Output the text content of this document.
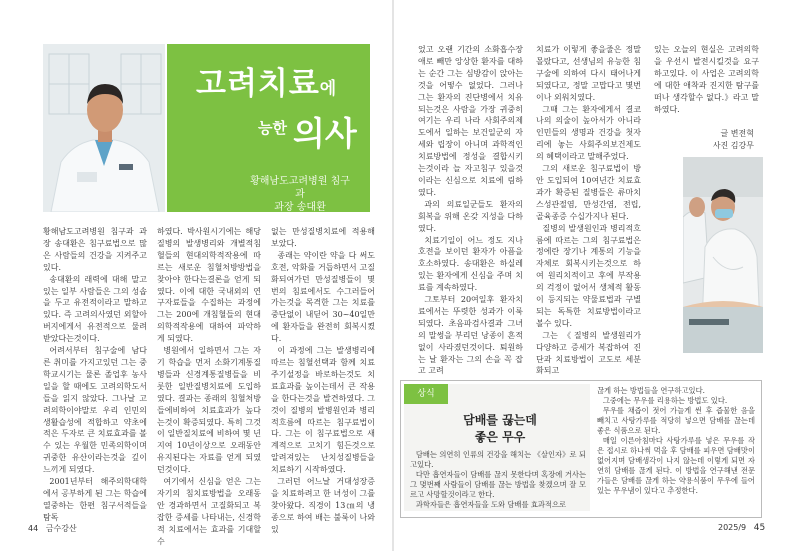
고려치료에
$^{능한}$ 의사
황해남도고려병원 침구과
과장 송대환

황해남도고려병원 침구과 과장 송대환은 침구료법으로 많은 사람들의 건강을 지켜주고있다.

송대환의 래력에 대해 말고있는 일부 사람들은 그의 성솝을 두고 유전적이라고 말하고있다. 즉 고려의사였던 외할아버지에게서 유전적으로 물려받았다는것이다.

어려서부터 침구술에 남다른 취미를 가지고있던 그는 중학교시기는 물론 졸업후 농사일을 할 때에도 고려의학도서들을 읽지 않았다. 그나날 고려의학이야말로 우리 인민의 생활습성에 적합하고 약초에 적은 두자로 큰 치료효과를 볼수 있는 우월한 민족의학이며 귀중한 유산이라는것을 깊이 느끼게 되였다.

2001년부터 해주의학대학에서 공부하게 된 그는 학습에 열중하는 한편 침구서적들을 탐독

하였다. 박사원시기에는 해당질병의 발생병리와 개별적침혈들의 현대의학적작용에 따르는 새로운 침혈처방방법을 찾아야 한다는결론을 얻게 되였다. 이에 대한 국내외의 연구자료들을 수집하는 과정에 그는 200에 개침혈들의 현대의학적작용에 대하여 파악하게 되였다.

병원에서 일하면서 그는 자기 학습을 먼저 소화기계통질병들과 신경계통질병들을 비롯한 일반질병치료에 도입하였다. 결과는 종래의 침혈처방들에비하여 치료효과가 높다는것이 확증되였다. 특히 그것이 일반질치료에 비하여 몇 년 지여 10년이상으로 오래동안 유지된다는 자료를 얻게 되였던것이다.

여기에서 신심을 얻은 그는 자기의 침치료방법을 오래동안 경과하면서 고질화되고 복잡한 증세를 나타내는, 신경학적 치료에서는 효과를 기대할수

없는 만성질병치료에 적용해보았다.

종래는 약이란 약을 다 써도 호전, 악화를 거듭하면서 고질화되여가던 만성질병들이 몇번의 침료에서도 수그러들어가는것을 목격한 그는 치료를 중단없이 내딛어 30~40일만에 환자들을 완전히 회복시켰다.

이 과정에 그는 발생병리에 따르는 침혈선택과 함께 치료주기설정을 바로하는것도 치료효과를 높이는데서 큰 작용을 한다는것을 발견하였다. 그것이 질병의 발병원인과 병리적흐름에 따르는 침구료법이다. 그는 이 침구료법으로 새계적으로 고치기 힘든것으로 알려져있는 난치성질병들을 치료하기 시작하였다.

그러던 어느날 거대성장증을 치료하려고 한 녀성이 그를 찾아왔다. 직경이 13㎝의 냉종으로 하여 배는 불룩이 나와있

44 금수강산

었고 오랜 기간의 소화흡수장애로 빼만 앙상한 환자를 대하는 순간 그는 심방감이 앉아는것을 어떻수 없었다. 그러나 그는 환자의 진단병에서 치유되는것은 사람을 가장 귀중히 여기는 우리 나라 사회주의제도에서 일하는 보건일군의 자세와 립장이 아니며 과학적인 치료방법에 정성을 결합시키는것이라 늘 자고침구 있을것이라는 신심으로 치료에 림하였다.

과의 의료일군들도 환자의 회복을 위해 온갖 지성을 다하였다.

치료기일이 어느 정도 지나 호전을 보이던 환자가 아픔을 호소하였다. 송대환은 하실레있는 환자에게 신심을 주며 치료를 계속하였다.

그토부터 20여일후 환자치료에서는 뚜렷한 성과가 이룩되였다. 초음파검사결과 그녀의 말썽을 부리던 낭종이 흔적없이 사라졌던것이다. 퇴원하는 날 환자는 그의 손을 꼭 잡고 고려

치료가 이렇게 좋을줄은 정말 몰랐다고, 선생님의 유능한 침구술에 의하여 다시 태어나게 되였다고, 정말 고맙다고 몇번이나 외워치였다.

그때 그는 환자에게서 결코 나의 의술이 높아서가 아니라 인민들의 생명과 건강을 첫자리에 놓는 사회주의보건제도의 혜택이라고 말해주었다.

그의 새로운 침구료법이 방안 도입되여 10여년간 치료효과가 확증된 질병들은 류마치스성관절염, 만성간염, 전립, 골육종증 수십가지나 된다.

질병의 발생원인과 병리적흐름에 따르는 그의 침구료법은 정에란 장기나 계통의 기능을 자체로 회복시키는것으로 하여 원리치적이고 후에 부작용의 걱정이 없어서 생체적 활동이 등지되는 약물료법과 구별되는 독특한 치료방법이라고 볼수 있다.

그는 《질병의 발생원리가 다양하고 증세가 복잡하여 진단과 치료방법이 고도로 세분화되고

있는 오늘의 현실은 고려의학을 우선시 발전시킬것을 요구하고있다. 이 사업은 고려의학에 대한 애착과 진지한 탐구를 떠나 생각할수 없다.》라고 말하였다.

글 변전혁
사진 김강무
상식
담배를 끊는데
좋은 무우

담배는 의연히 인류의 건강을 해치는 《살인자》로 되고있다.

다만 흡연자들이 담배를 끊지 못한다며 혹장에 거사는 그 몇번째 사람들이 담배를 끊는 방법을 찾겠으며 잘 모르고 사망할것이라고 한다.

과학자들은 흡연자들을 도와 담배를 효과적으로

끊게 하는 방법들을 연구하고있다.

그중에는 무우를 리용하는 방법도 있다.

무우를 채즙이 젓어 가늘게 썬 후 즙물한 음을 빼치고 사탕가루를 적당히 넣으면 담배를 끊는데 좋은 식품으로 된다.

매일 이른아침마다 사탕가루를 넣은 무우를 작은 접시로 하나씩 먹을 후 담배를 피우면 담배맛이 없어지며 담배생각이 나지 않는데 이렇게 되면 자연히 담배를 끊게 된다. 이 방법을 연구해낸 전문가들은 담배를 끊게 하는 약용식품이 무우에 들어있는 무우냄이 있다고 추정한다.

2025/9 45
